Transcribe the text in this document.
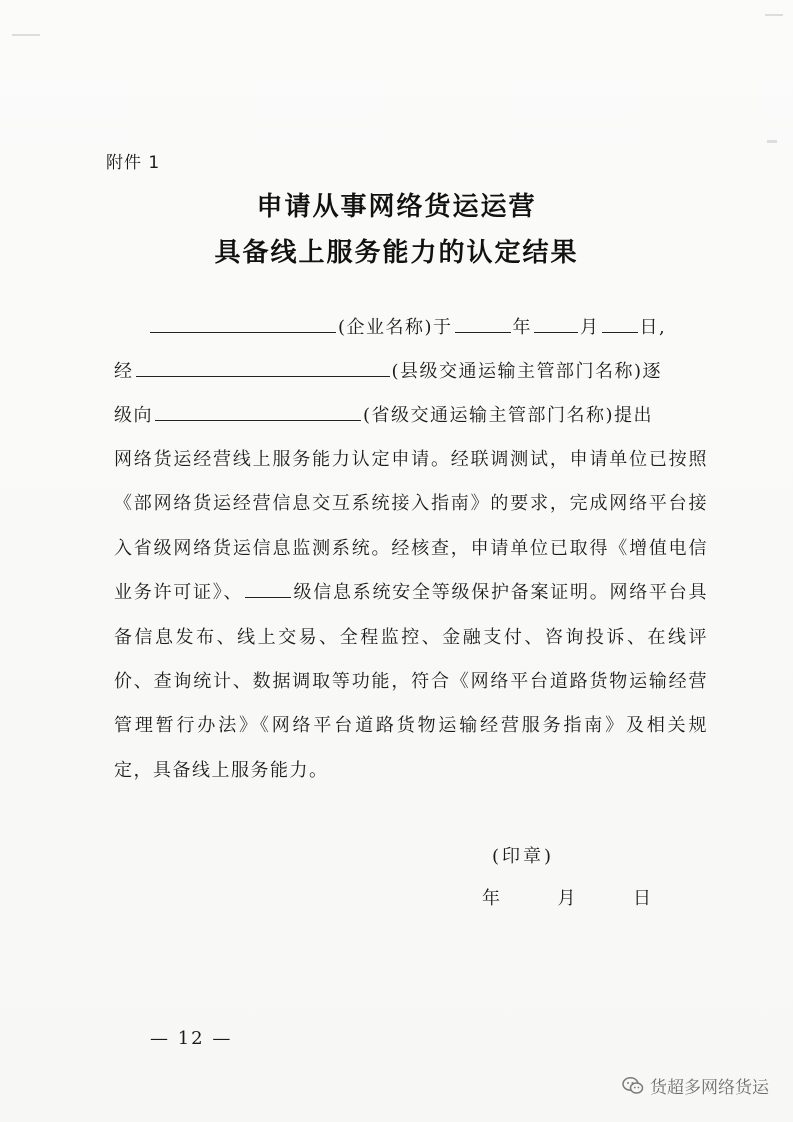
附件 1
申请从事网络货运运营
具备线上服务能力的认定结果
(企业名称)于	年	月 日,
经	(县级交通运输主管部门名称)逐
级向	(省级交通运输主管部门名称)提出
网络货运经营线上服务能力认定申请。经联调测试，申请单位已按照《部网络货运经营信息交互系统接入指南》的要求，完成网络平台接入省级网络货运信息监测系统。经核查，申请单位已取得《增值电信业务许可证》、	级信息系统安全等级保护备案证明。网络平台具备信息发布、线上交易、全程监控、金融支付、咨询投诉、在线评价、查询统计、数据调取等功能，符合《网络平台道路货物运输经营管理暂行办法》《网络平台道路货物运输经营服务指南》及相关规定，具备线上服务能力。
(印章)
年	月	日
— 12 —
货超多网络货运
